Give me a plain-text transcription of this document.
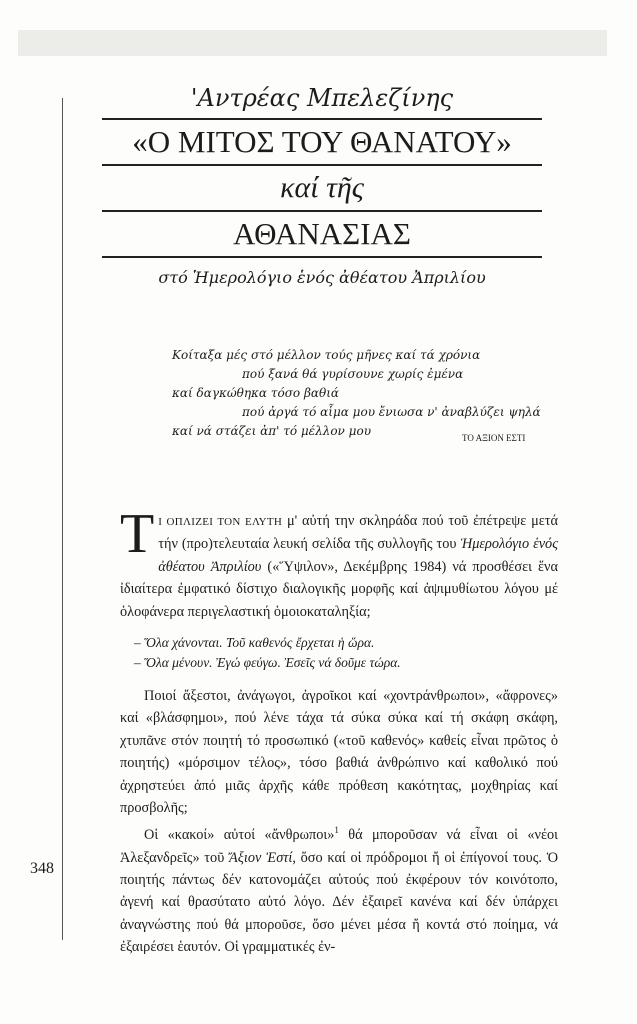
348
'Αντρέας Μπελεζίνης
«Ο ΜΙΤΟΣ ΤΟΥ ΘΑΝΑΤΟΥ»
καί τῆς
ΑΘΑΝΑΣΙΑΣ
στό Ἡμερολόγιο ἑνός ἀθέατου Ἀπριλίου
Κοίταξα μές στό μέλλον τούς μῆνες καί τά χρόνια
πού ξανά θά γυρίσουνε χωρίς ἐμένα
καί δαγκώθηκα τόσο βαθιά
πού ἀργά τό αἷμα μου ἔνιωσα ν' ἀναβλύζει ψηλά
καί νά στάζει ἀπ' τό μέλλον μου	ΤΟ ΑΞΙΟΝ ΕΣΤΙ

Τ Ι ΟΠΛΙΖΕΙ ΤΟΝ ΕΛΥΤΗ μ' αὐτή την σκληράδα πού τοῦ ἐπέτρεψε μετά τήν (προ)τελευταία λευκή σελίδα τῆς συλλογῆς του Ἡμερολόγιο ἑνός ἀθέατου Ἀπριλίου («Ὕψιλον», Δεκέμβρης 1984) νά προσθέσει ἕνα ἰδιαίτερα ἐμφατικό δίστιχο διαλογικῆς μορφῆς καί ἀψιμυθίωτου λόγου μέ ὁλοφάνερα περιγελαστική ὁμοιοκαταληξία;

– Ὅλα χάνονται. Τοῦ καθενός ἔρχεται ἡ ὥρα.
– Ὅλα μένουν. Ἐγώ φεύγω. Ἐσεῖς νά δοῦμε τώρα.

Ποιοί ἄξεστοι, ἀνάγωγοι, ἀγροῖκοι καί «χοντράνθρωποι», «ἄφρονες» καί «βλάσφημοι», πού λένε τάχα τά σύκα σύκα καί τή σκάφη σκάφη, χτυπᾶνε στόν ποιητή τό προσωπικό («τοῦ καθενός» καθείς εἶναι πρῶτος ὁ ποιητής) «μόρσιμον τέλος», τόσο βαθιά ἀνθρώπινο καί καθολικό πού ἀχρηστεύει ἀπό μιᾶς ἀρχῆς κάθε πρόθεση κακότητας, μοχθηρίας καί προσβολῆς;

Οἱ «κακοί» αὐτοί «ἄνθρωποι»$^1$ θά μποροῦσαν νά εἶναι οἱ «νέοι Ἀλεξανδρεῖς» τοῦ Ἄξιον Ἐστί, ὅσο καί οἱ πρόδρομοι ἤ οἱ ἐπίγονοί τους. Ὁ ποιητής πάντως δέν κατονομάζει αὐτούς πού ἐκφέρουν τόν κοινότοπο, ἀγενή καί θρασύτατο αὐτό λόγο. Δέν ἐξαιρεῖ κανένα καί δέν ὑπάρχει ἀναγνώστης πού θά μποροῦσε, ὅσο μένει μέσα ἤ κοντά στό ποίημα, νά ἐξαιρέσει ἑαυτόν. Οἱ γραμματικές ἐν-
